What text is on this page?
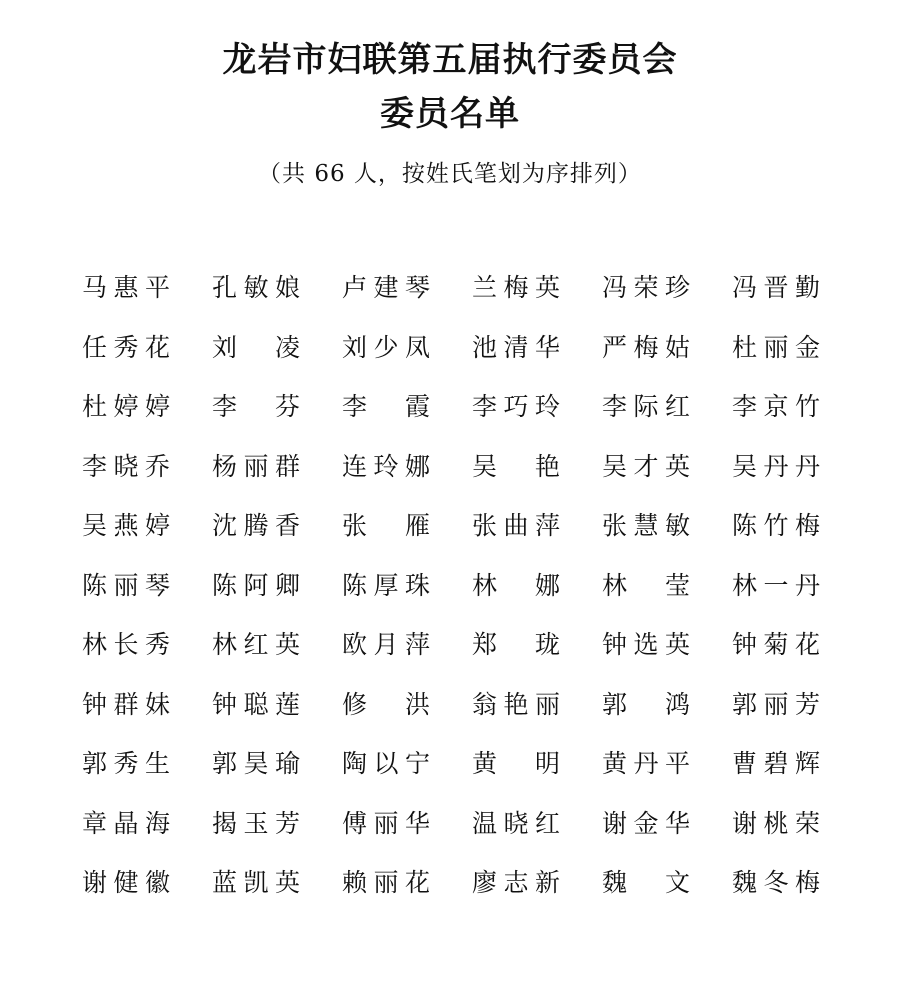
龙岩市妇联第五届执行委员会
委员名单
（共 66 人，按姓氏笔划为序排列）
马 惠 平 孔 敏 娘 卢 建 琴 兰 梅 英 冯 荣 珍 冯 晋 勤
任 秀 花 刘 凌 刘 少 凤 池 清 华 严 梅 姑 杜 丽 金
杜 婷 婷 李 芬 李 霞 李 巧 玲 李 际 红 李 京 竹
李 晓 乔 杨 丽 群 连 玲 娜 吴 艳 吴 才 英 吴 丹 丹
吴 燕 婷 沈 腾 香 张 雁 张 曲 萍 张 慧 敏 陈 竹 梅
陈 丽 琴 陈 阿 卿 陈 厚 珠 林 娜 林 莹 林 一 丹
林 长 秀 林 红 英 欧 月 萍 郑 珑 钟 选 英 钟 菊 花
钟 群 妹 钟 聪 莲 修 洪 翁 艳 丽 郭 鸿 郭 丽 芳
郭 秀 生 郭 昊 瑜 陶 以 宁 黄 明 黄 丹 平 曹 碧 辉
章 晶 海 揭 玉 芳 傅 丽 华 温 晓 红 谢 金 华 谢 桃 荣
谢 健 徽 蓝 凯 英 赖 丽 花 廖 志 新 魏 文 魏 冬 梅
